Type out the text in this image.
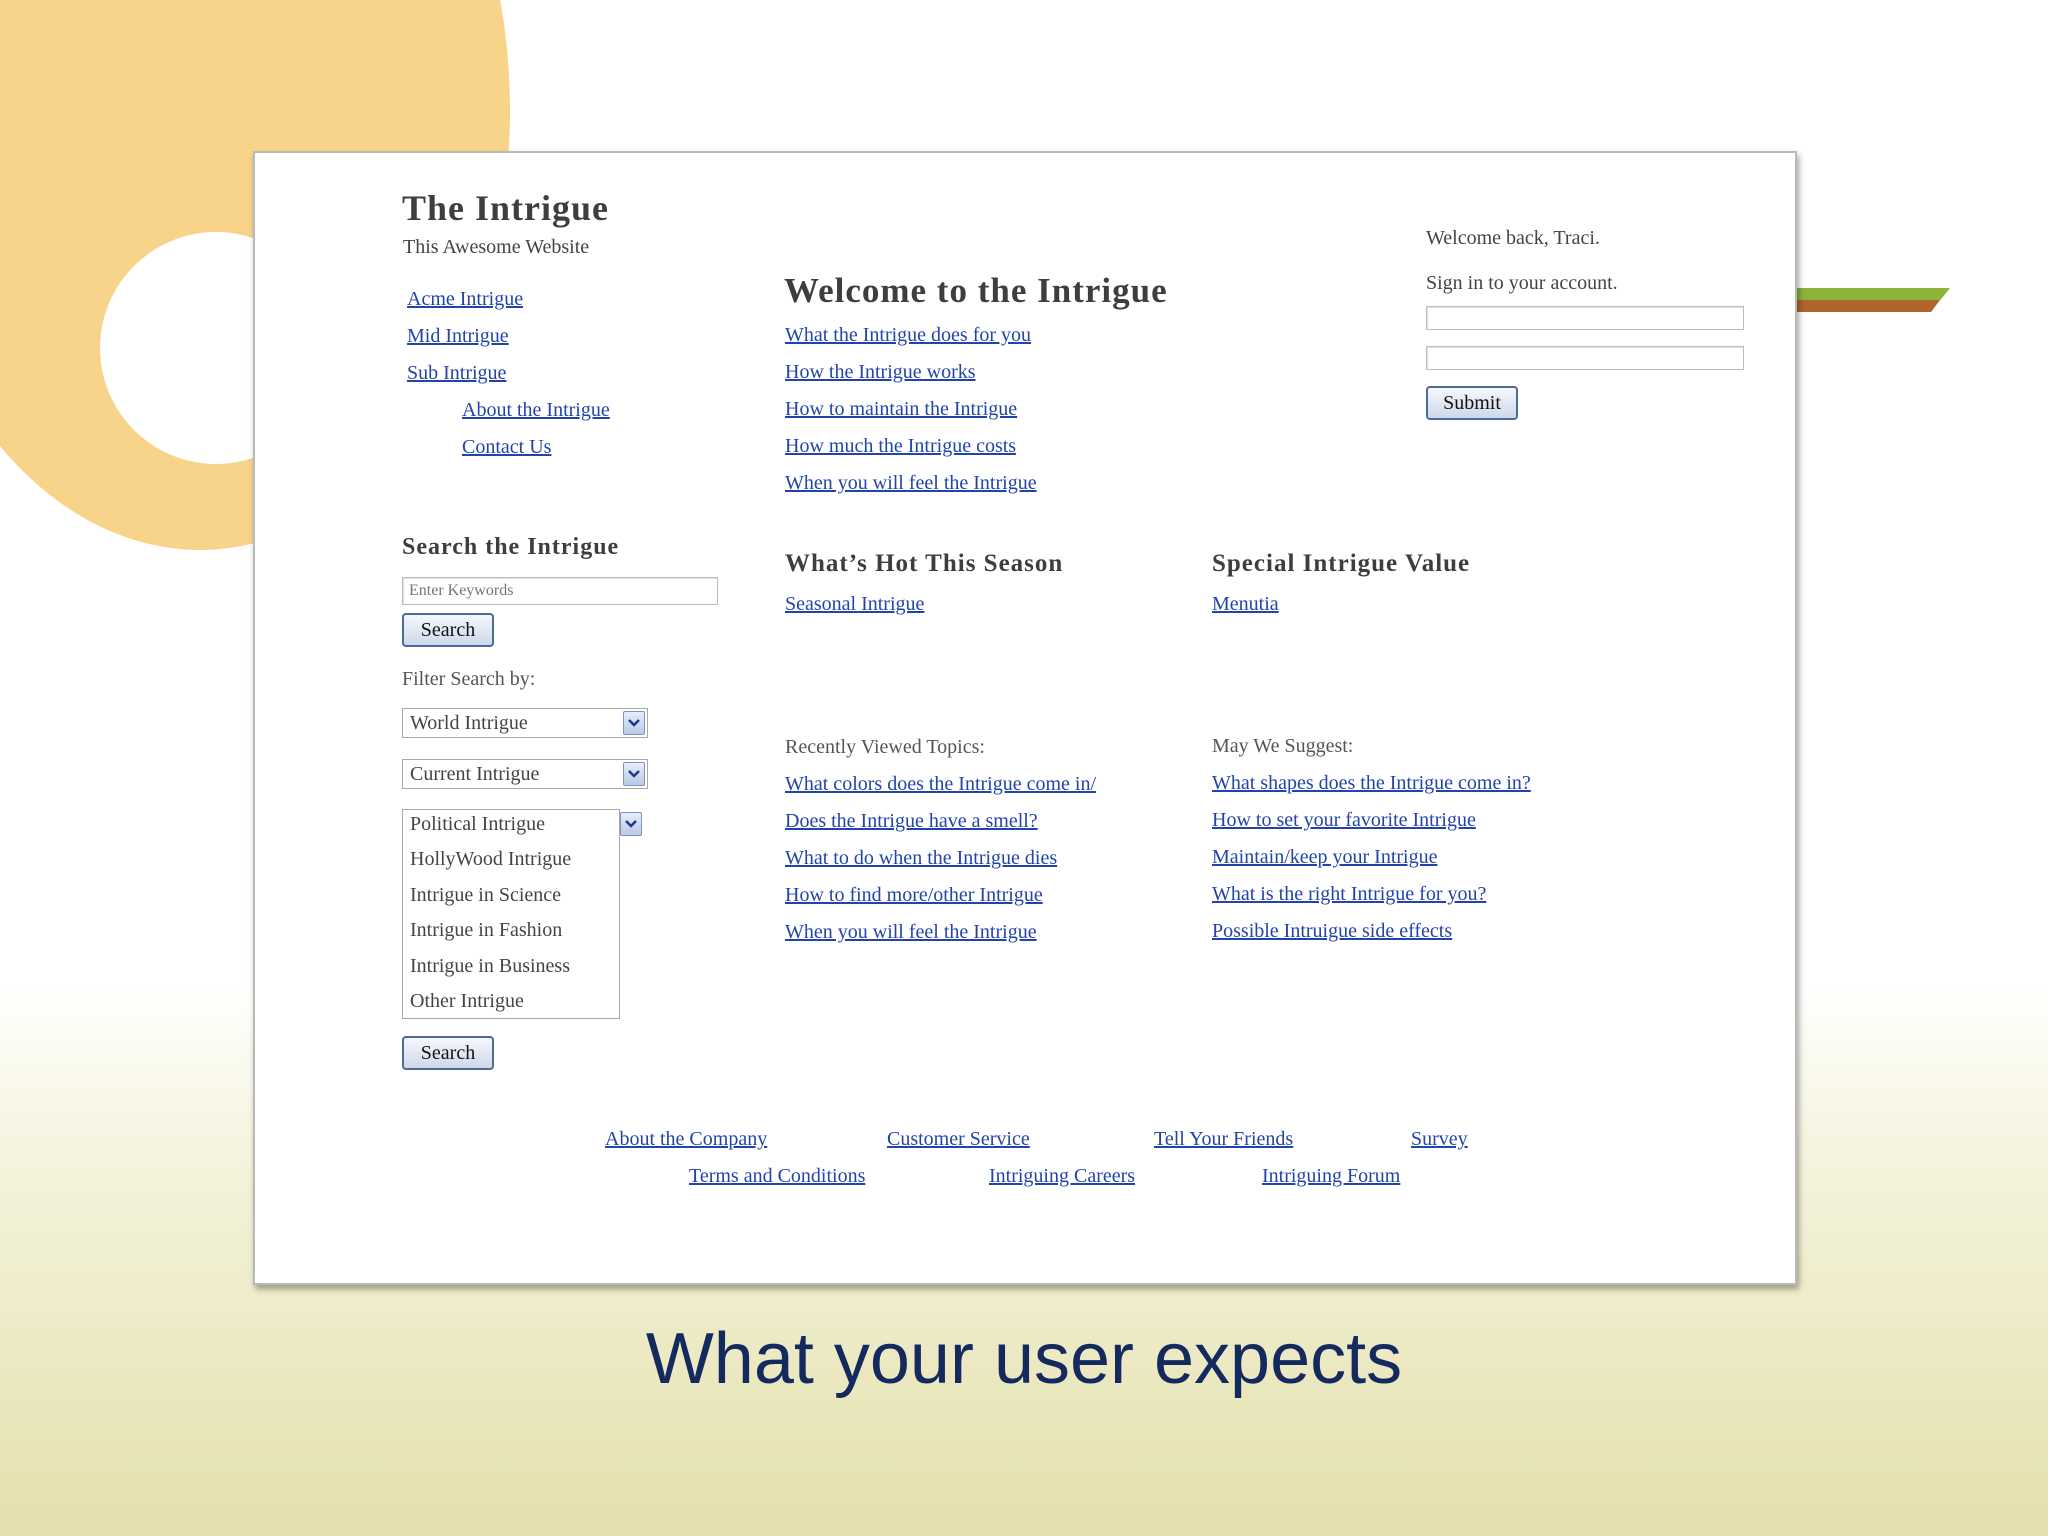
The Intrigue
This Awesome Website
Acme Intrigue
Mid Intrigue
Sub Intrigue
About the Intrigue
Contact Us
Search the Intrigue
Enter Keywords
Search
Filter Search by:
World Intrigue
Current Intrigue
Political Intrigue
HollyWood Intrigue
Intrigue in Science
Intrigue in Fashion
Intrigue in Business
Other Intrigue
Search
Welcome to the Intrigue
What the Intrigue does for you
How the Intrigue works
How to maintain the Intrigue
How much the Intrigue costs
When you will feel the Intrigue
Welcome back, Traci.
Sign in to your account.
Submit
What’s Hot This Season
Seasonal Intrigue
Special Intrigue Value
Menutia
Recently Viewed Topics:
What colors does the Intrigue come in/
Does the Intrigue have a smell?
What to do when the Intrigue dies
How to find more/other Intrigue
When you will feel the Intrigue
May We Suggest:
What shapes does the Intrigue come in?
How to set your favorite Intrigue
Maintain/keep your Intrigue
What is the right Intrigue for you?
Possible Intruigue side effects
About the Company	Customer Service	Tell Your Friends	Survey
Terms and Conditions	Intriguing Careers	Intriguing Forum
What your user expects
